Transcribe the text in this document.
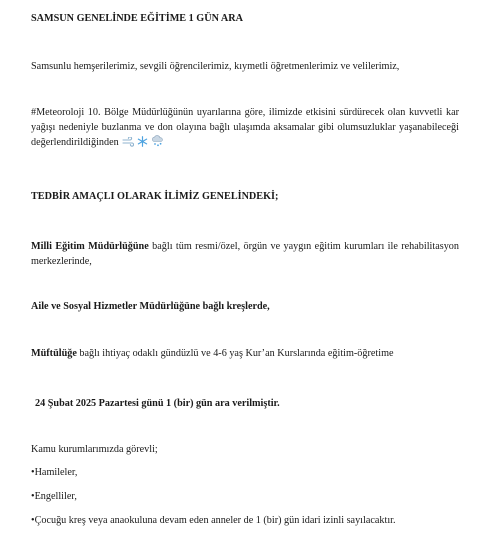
SAMSUN GENELİNDE EĞİTİME 1 GÜN ARA
Samsunlu hemşerilerimiz, sevgili öğrencilerimiz, kıymetli öğretmenlerimiz ve velilerimiz,
#Meteoroloji 10. Bölge Müdürlüğünün uyarılarına göre, ilimizde etkisini sürdürecek olan kuvvetli kar yağışı nedeniyle buzlanma ve don olayına bağlı ulaşımda aksamalar gibi olumsuzluklar yaşanabileceği değerlendirildiğinden
TEDBİR AMAÇLI OLARAK İLİMİZ GENELİNDEKİ;
Milli Eğitim Müdürlüğüne bağlı tüm resmi/özel, örgün ve yaygın eğitim kurumları ile rehabilitasyon merkezlerinde,
Aile ve Sosyal Hizmetler Müdürlüğüne bağlı kreşlerde,
Müftülüğe bağlı ihtiyaç odaklı gündüzlü ve 4-6 yaş Kur’an Kurslarında eğitim-öğretime
24 Şubat 2025 Pazartesi günü 1 (bir) gün ara verilmiştir.
Kamu kurumlarımızda görevli;
•Hamileler,
•Engelliler,
•Çocuğu kreş veya anaokuluna devam eden anneler de 1 (bir) gün idari izinli sayılacaktır.
